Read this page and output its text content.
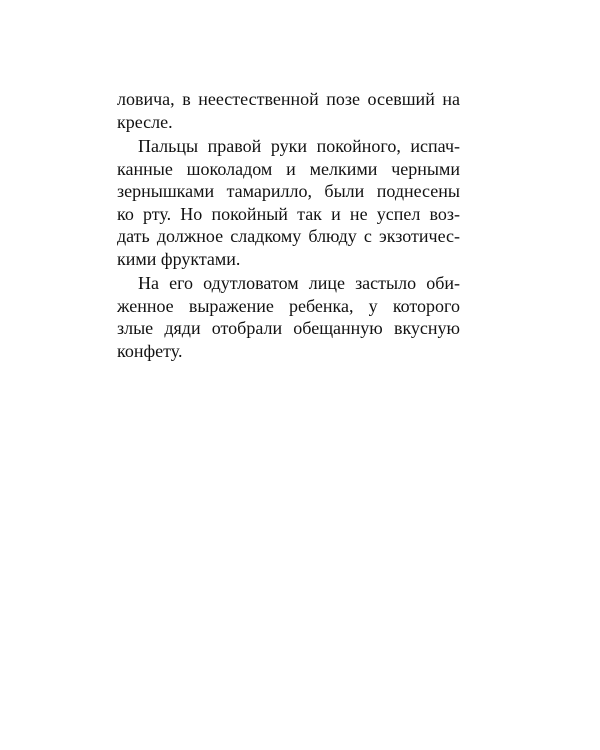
ловича, в неестественной позе осевший на
кресле.

Пальцы правой руки покойного, испач-
канные шоколадом и мелкими черными
зернышками тамарилло, были поднесены
ко рту. Но покойный так и не успел воз-
дать должное сладкому блюду с экзотичес-
кими фруктами.

На его одутловатом лице застыло оби-
женное выражение ребенка, у которого
злые дяди отобрали обещанную вкусную
конфету.
